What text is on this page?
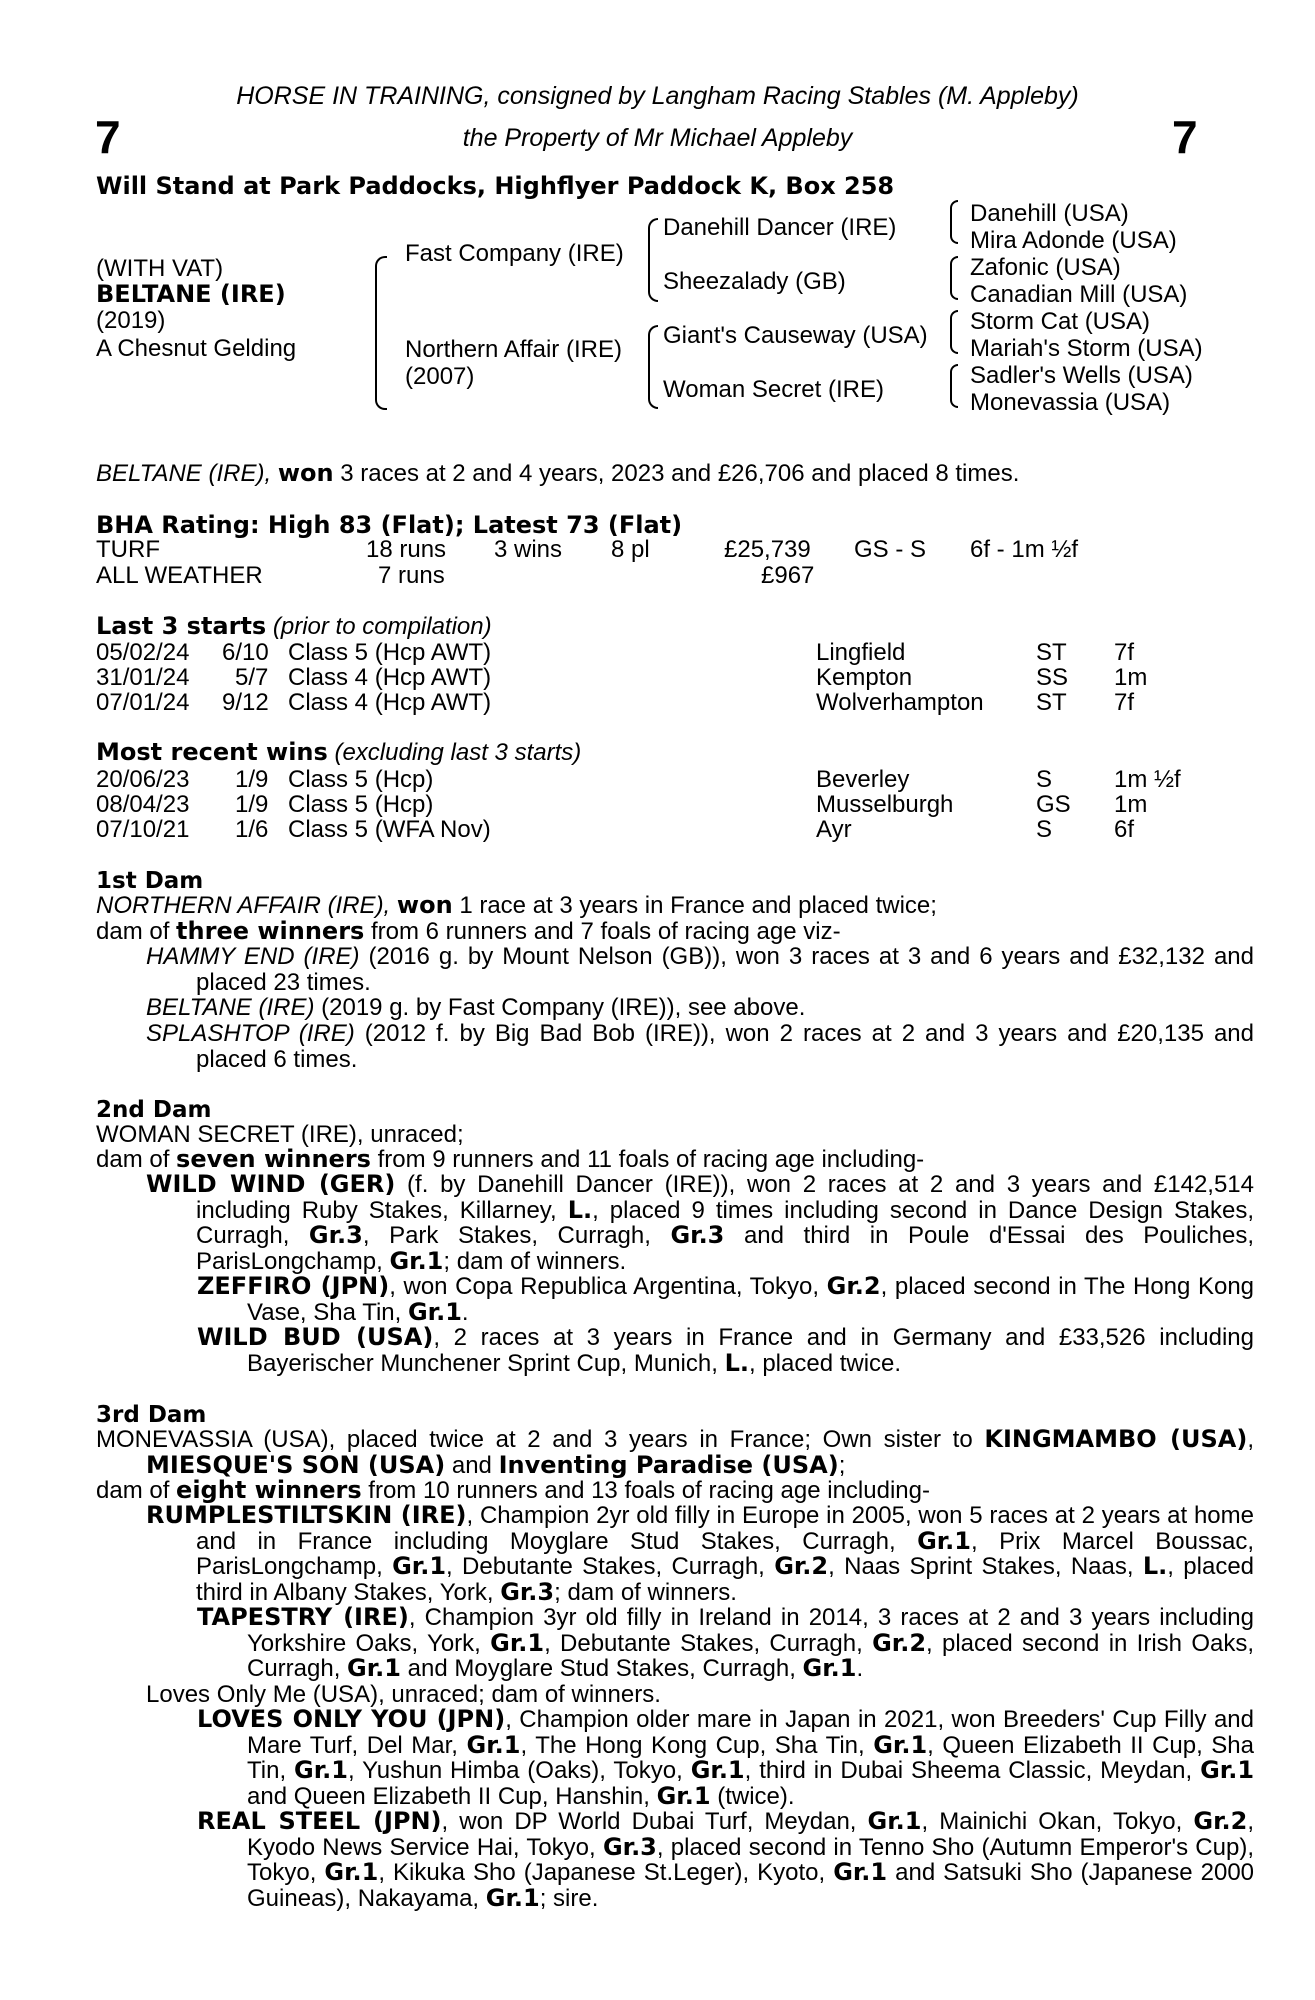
HORSE IN TRAINING, consigned by Langham Racing Stables (M. Appleby)
the Property of Mr Michael Appleby
7	7
Will Stand at Park Paddocks, Highflyer Paddock K, Box 258
(WITH VAT)
BELTANE (IRE)
(2019)
A Chesnut Gelding
Fast Company (IRE)
Northern Affair (IRE)
(2007)
Danehill Dancer (IRE)
Sheezalady (GB)
Giant's Causeway (USA)
Woman Secret (IRE)
Danehill (USA)
Mira Adonde (USA)
Zafonic (USA)
Canadian Mill (USA)
Storm Cat (USA)
Mariah's Storm (USA)
Sadler's Wells (USA)
Monevassia (USA)
BELTANE (IRE), won 3 races at 2 and 4 years, 2023 and £26,706 and placed 8 times.
BHA Rating: High 83 (Flat); Latest 73 (Flat)
TURF	18 runs 3 wins 8 pl	£25,739 GS - S 6f - 1m ½f
ALL WEATHER	7 runs	£967
Last 3 starts (prior to compilation)
05/02/24 6/10 Class 5 (Hcp AWT)	Lingfield	ST 7f
31/01/24 5/7 Class 4 (Hcp AWT)	Kempton	SS 1m
07/01/24 9/12 Class 4 (Hcp AWT)	Wolverhampton ST 7f
Most recent wins (excluding last 3 starts)
20/06/23 1/9 Class 5 (Hcp)	Beverley	S	1m ½f
08/04/23 1/9 Class 5 (Hcp)	Musselburgh	GS 1m
07/10/21 1/6 Class 5 (WFA Nov)	Ayr	S	6f
1st Dam
NORTHERN AFFAIR (IRE), won 1 race at 3 years in France and placed twice;
dam of three winners from 6 runners and 7 foals of racing age viz-
HAMMY END (IRE) (2016 g. by Mount Nelson (GB)), won 3 races at 3 and 6 years and £32,132 and placed 23 times.
BELTANE (IRE) (2019 g. by Fast Company (IRE)), see above.
SPLASHTOP (IRE) (2012 f. by Big Bad Bob (IRE)), won 2 races at 2 and 3 years and £20,135 and placed 6 times.
2nd Dam
WOMAN SECRET (IRE), unraced;
dam of seven winners from 9 runners and 11 foals of racing age including-
WILD WIND (GER) (f. by Danehill Dancer (IRE)), won 2 races at 2 and 3 years and £142,514 including Ruby Stakes, Killarney, L., placed 9 times including second in Dance Design Stakes, Curragh, Gr.3, Park Stakes, Curragh, Gr.3 and third in Poule d'Essai des Pouliches, ParisLongchamp, Gr.1; dam of winners.
ZEFFIRO (JPN), won Copa Republica Argentina, Tokyo, Gr.2, placed second in The Hong Kong Vase, Sha Tin, Gr.1.
WILD BUD (USA), 2 races at 3 years in France and in Germany and £33,526 including Bayerischer Munchener Sprint Cup, Munich, L., placed twice.
3rd Dam
MONEVASSIA (USA), placed twice at 2 and 3 years in France; Own sister to KINGMAMBO (USA), MIESQUE'S SON (USA) and Inventing Paradise (USA);
dam of eight winners from 10 runners and 13 foals of racing age including-
RUMPLESTILTSKIN (IRE), Champion 2yr old filly in Europe in 2005, won 5 races at 2 years at home and in France including Moyglare Stud Stakes, Curragh, Gr.1, Prix Marcel Boussac, ParisLongchamp, Gr.1, Debutante Stakes, Curragh, Gr.2, Naas Sprint Stakes, Naas, L., placed third in Albany Stakes, York, Gr.3; dam of winners.
TAPESTRY (IRE), Champion 3yr old filly in Ireland in 2014, 3 races at 2 and 3 years including Yorkshire Oaks, York, Gr.1, Debutante Stakes, Curragh, Gr.2, placed second in Irish Oaks, Curragh, Gr.1 and Moyglare Stud Stakes, Curragh, Gr.1.
Loves Only Me (USA), unraced; dam of winners.
LOVES ONLY YOU (JPN), Champion older mare in Japan in 2021, won Breeders' Cup Filly and Mare Turf, Del Mar, Gr.1, The Hong Kong Cup, Sha Tin, Gr.1, Queen Elizabeth II Cup, Sha Tin, Gr.1, Yushun Himba (Oaks), Tokyo, Gr.1, third in Dubai Sheema Classic, Meydan, Gr.1 and Queen Elizabeth II Cup, Hanshin, Gr.1 (twice).
REAL STEEL (JPN), won DP World Dubai Turf, Meydan, Gr.1, Mainichi Okan, Tokyo, Gr.2, Kyodo News Service Hai, Tokyo, Gr.3, placed second in Tenno Sho (Autumn Emperor's Cup), Tokyo, Gr.1, Kikuka Sho (Japanese St.Leger), Kyoto, Gr.1 and Satsuki Sho (Japanese 2000 Guineas), Nakayama, Gr.1; sire.
